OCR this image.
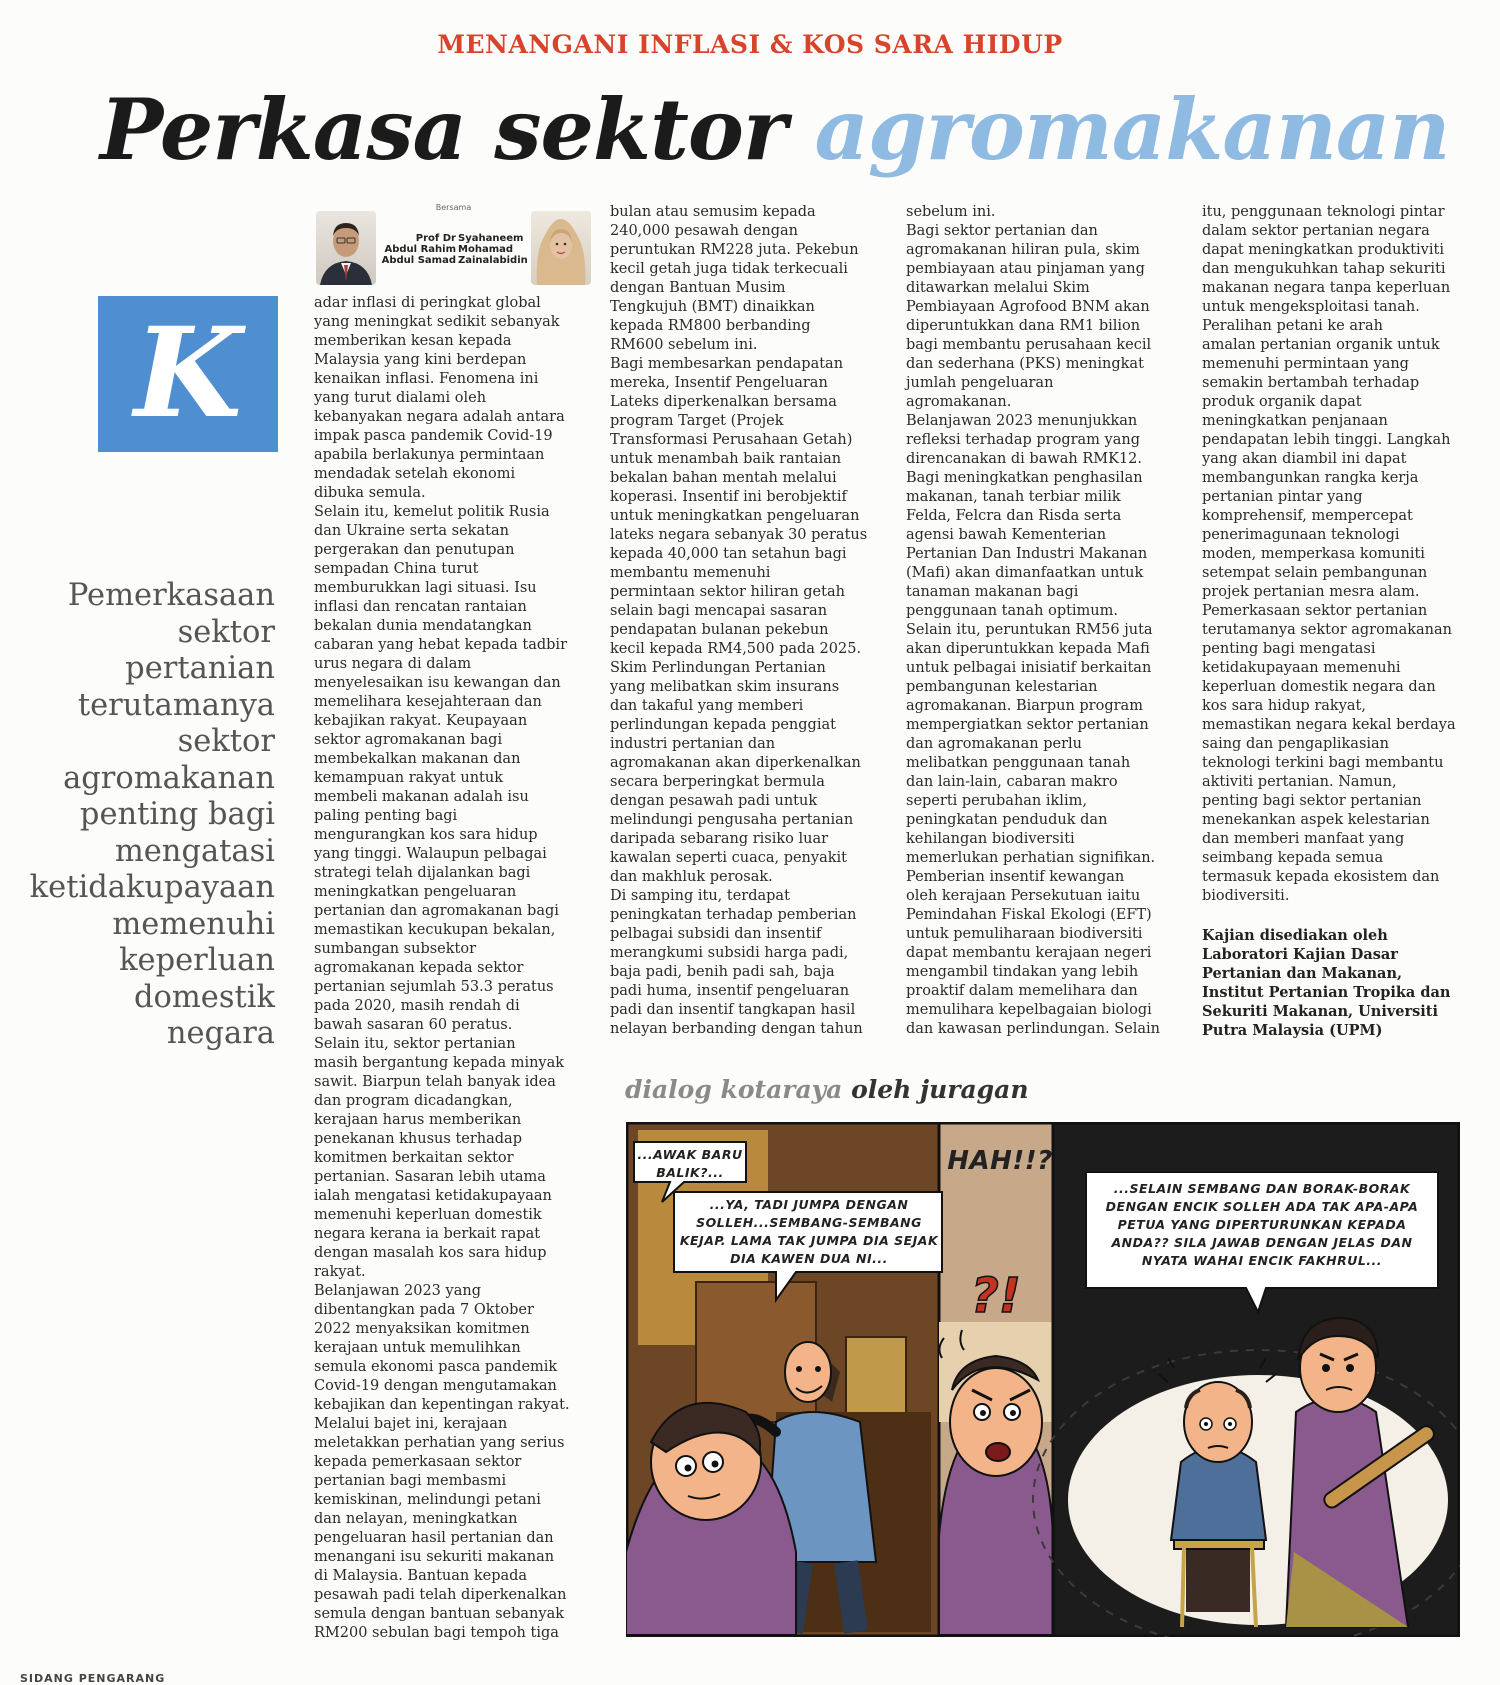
MENANGANI INFLASI & KOS SARA HIDUP
Perkasa sektor agromakanan
Bersama
Prof Dr
Abdul Rahim
Abdul Samad
Syahaneem
Mohamad
Zainalabidin
K
Pemerkasaan sektor pertanian terutamanya sektor agromakanan penting bagi mengatasi ketidakupayaan memenuhi keperluan domestik negara
adar inflasi di peringkat global
yang meningkat sedikit sebanyak
memberikan kesan kepada
Malaysia yang kini berdepan
kenaikan inflasi. Fenomena ini
yang turut dialami oleh
kebanyakan negara adalah antara
impak pasca pandemik Covid-19
apabila berlakunya permintaan
mendadak setelah ekonomi
dibuka semula.
Selain itu, kemelut politik Rusia
dan Ukraine serta sekatan
pergerakan dan penutupan
sempadan China turut
memburukkan lagi situasi. Isu
inflasi dan rencatan rantaian
bekalan dunia mendatangkan
cabaran yang hebat kepada tadbir
urus negara di dalam
menyelesaikan isu kewangan dan
memelihara kesejahteraan dan
kebajikan rakyat. Keupayaan
sektor agromakanan bagi
membekalkan makanan dan
kemampuan rakyat untuk
membeli makanan adalah isu
paling penting bagi
mengurangkan kos sara hidup
yang tinggi. Walaupun pelbagai
strategi telah dijalankan bagi
meningkatkan pengeluaran
pertanian dan agromakanan bagi
memastikan kecukupan bekalan,
sumbangan subsektor
agromakanan kepada sektor
pertanian sejumlah 53.3 peratus
pada 2020, masih rendah di
bawah sasaran 60 peratus.
Selain itu, sektor pertanian
masih bergantung kepada minyak
sawit. Biarpun telah banyak idea
dan program dicadangkan,
kerajaan harus memberikan
penekanan khusus terhadap
komitmen berkaitan sektor
pertanian. Sasaran lebih utama
ialah mengatasi ketidakupayaan
memenuhi keperluan domestik
negara kerana ia berkait rapat
dengan masalah kos sara hidup
rakyat.
Belanjawan 2023 yang
dibentangkan pada 7 Oktober
2022 menyaksikan komitmen
kerajaan untuk memulihkan
semula ekonomi pasca pandemik
Covid-19 dengan mengutamakan
kebajikan dan kepentingan rakyat.
Melalui bajet ini, kerajaan
meletakkan perhatian yang serius
kepada pemerkasaan sektor
pertanian bagi membasmi
kemiskinan, melindungi petani
dan nelayan, meningkatkan
pengeluaran hasil pertanian dan
menangani isu sekuriti makanan
di Malaysia. Bantuan kepada
pesawah padi telah diperkenalkan
semula dengan bantuan sebanyak
RM200 sebulan bagi tempoh tiga
bulan atau semusim kepada
240,000 pesawah dengan
peruntukan RM228 juta. Pekebun
kecil getah juga tidak terkecuali
dengan Bantuan Musim
Tengkujuh (BMT) dinaikkan
kepada RM800 berbanding
RM600 sebelum ini.
Bagi membesarkan pendapatan
mereka, Insentif Pengeluaran
Lateks diperkenalkan bersama
program Target (Projek
Transformasi Perusahaan Getah)
untuk menambah baik rantaian
bekalan bahan mentah melalui
koperasi. Insentif ini berobjektif
untuk meningkatkan pengeluaran
lateks negara sebanyak 30 peratus
kepada 40,000 tan setahun bagi
membantu memenuhi
permintaan sektor hiliran getah
selain bagi mencapai sasaran
pendapatan bulanan pekebun
kecil kepada RM4,500 pada 2025.
Skim Perlindungan Pertanian
yang melibatkan skim insurans
dan takaful yang memberi
perlindungan kepada penggiat
industri pertanian dan
agromakanan akan diperkenalkan
secara berperingkat bermula
dengan pesawah padi untuk
melindungi pengusaha pertanian
daripada sebarang risiko luar
kawalan seperti cuaca, penyakit
dan makhluk perosak.
Di samping itu, terdapat
peningkatan terhadap pemberian
pelbagai subsidi dan insentif
merangkumi subsidi harga padi,
baja padi, benih padi sah, baja
padi huma, insentif pengeluaran
padi dan insentif tangkapan hasil
nelayan berbanding dengan tahun
sebelum ini.
Bagi sektor pertanian dan
agromakanan hiliran pula, skim
pembiayaan atau pinjaman yang
ditawarkan melalui Skim
Pembiayaan Agrofood BNM akan
diperuntukkan dana RM1 bilion
bagi membantu perusahaan kecil
dan sederhana (PKS) meningkat
jumlah pengeluaran
agromakanan.
Belanjawan 2023 menunjukkan
refleksi terhadap program yang
direncanakan di bawah RMK12.
Bagi meningkatkan penghasilan
makanan, tanah terbiar milik
Felda, Felcra dan Risda serta
agensi bawah Kementerian
Pertanian Dan Industri Makanan
(Mafi) akan dimanfaatkan untuk
tanaman makanan bagi
penggunaan tanah optimum.
Selain itu, peruntukan RM56 juta
akan diperuntukkan kepada Mafi
untuk pelbagai inisiatif berkaitan
pembangunan kelestarian
agromakanan. Biarpun program
mempergiatkan sektor pertanian
dan agromakanan perlu
melibatkan penggunaan tanah
dan lain-lain, cabaran makro
seperti perubahan iklim,
peningkatan penduduk dan
kehilangan biodiversiti
memerlukan perhatian signifikan.
Pemberian insentif kewangan
oleh kerajaan Persekutuan iaitu
Pemindahan Fiskal Ekologi (EFT)
untuk pemuliharaan biodiversiti
dapat membantu kerajaan negeri
mengambil tindakan yang lebih
proaktif dalam memelihara dan
memulihara kepelbagaian biologi
dan kawasan perlindungan. Selain
itu, penggunaan teknologi pintar
dalam sektor pertanian negara
dapat meningkatkan produktiviti
dan mengukuhkan tahap sekuriti
makanan negara tanpa keperluan
untuk mengeksploitasi tanah.
Peralihan petani ke arah
amalan pertanian organik untuk
memenuhi permintaan yang
semakin bertambah terhadap
produk organik dapat
meningkatkan penjanaan
pendapatan lebih tinggi. Langkah
yang akan diambil ini dapat
membangunkan rangka kerja
pertanian pintar yang
komprehensif, mempercepat
penerimagunaan teknologi
moden, memperkasa komuniti
setempat selain pembangunan
projek pertanian mesra alam.
Pemerkasaan sektor pertanian
terutamanya sektor agromakanan
penting bagi mengatasi
ketidakupayaan memenuhi
keperluan domestik negara dan
kos sara hidup rakyat,
memastikan negara kekal berdaya
saing dan pengaplikasian
teknologi terkini bagi membantu
aktiviti pertanian. Namun,
penting bagi sektor pertanian
menekankan aspek kelestarian
dan memberi manfaat yang
seimbang kepada semua
termasuk kepada ekosistem dan
biodiversiti.
Kajian disediakan oleh
Laboratori Kajian Dasar
Pertanian dan Makanan,
Institut Pertanian Tropika dan
Sekuriti Makanan, Universiti
Putra Malaysia (UPM)
dialog kotaraya oleh juragan
?!
...AWAK BARU BALIK?...
...YA, TADI JUMPA DENGAN SOLLEH...SEMBANG-SEMBANG KEJAP. LAMA TAK JUMPA DIA SEJAK DIA KAWEN DUA NI...
HAH!!?
...SELAIN SEMBANG DAN BORAK-BORAK DENGAN ENCIK SOLLEH ADA TAK APA-APA PETUA YANG DIPERTURUNKAN KEPADA ANDA?? SILA JAWAB DENGAN JELAS DAN NYATA WAHAI ENCIK FAKHRUL...
SIDANG PENGARANG
